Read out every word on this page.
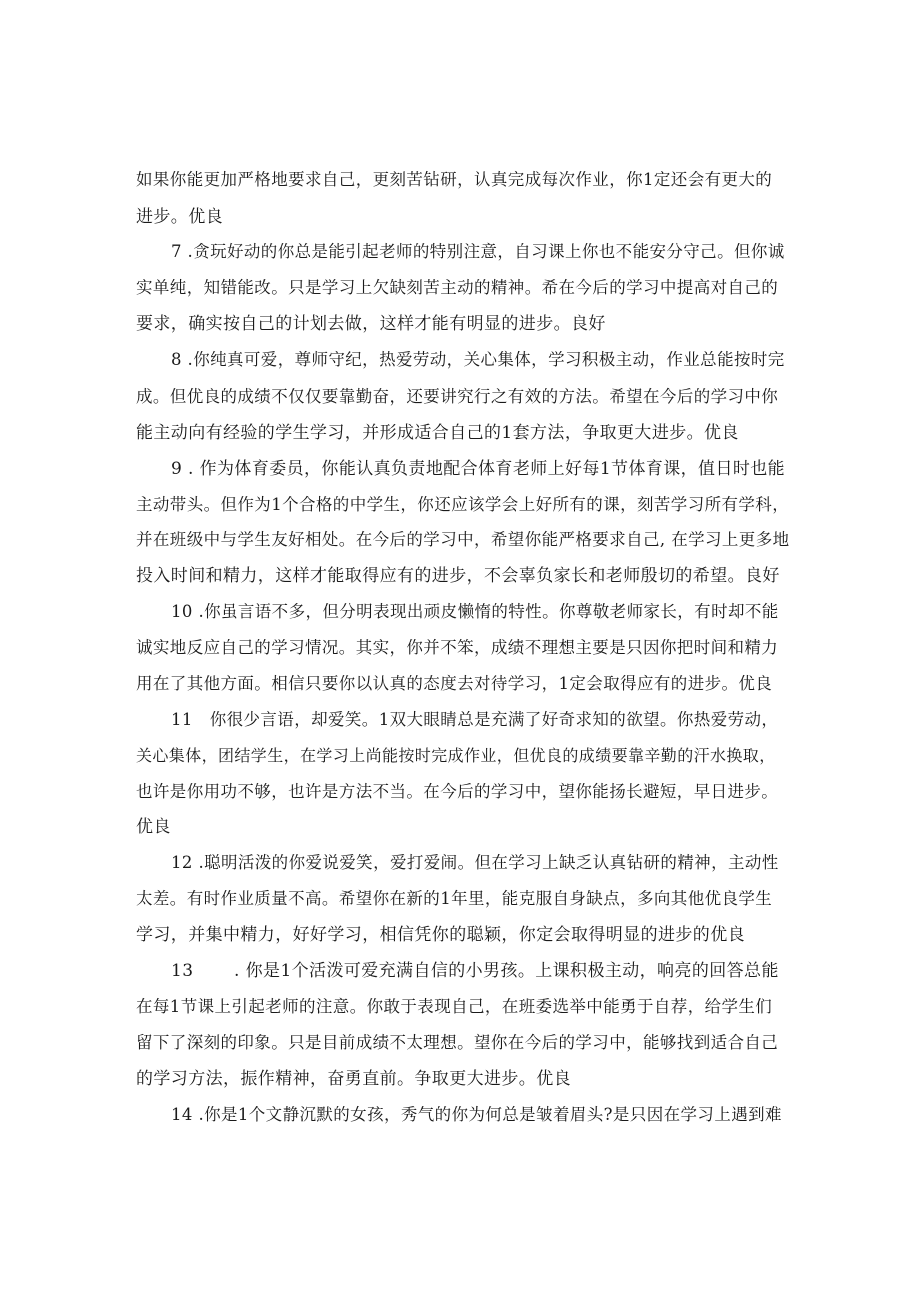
如果你能更加严格地要求自己，更刻苦钻研，认真完成每次作业，你1定还会有更大的

进步。优良

7 .贪玩好动的你总是能引起老师的特别注意，自习课上你也不能安分守己。但你诚

实单纯，知错能改。只是学习上欠缺刻苦主动的精神。希在今后的学习中提高对自己的

要求，确实按自己的计划去做，这样才能有明显的进步。良好

8 .你纯真可爱，尊师守纪，热爱劳动，关心集体，学习积极主动，作业总能按时完

成。但优良的成绩不仅仅要靠勤奋，还要讲究行之有效的方法。希望在今后的学习中你

能主动向有经验的学生学习，并形成适合自己的1套方法，争取更大进步。优良

9 . 作为体育委员，你能认真负责地配合体育老师上好每1节体育课，值日时也能

主动带头。但作为1个合格的中学生，你还应该学会上好所有的课，刻苦学习所有学科，

并在班级中与学生友好相处。在今后的学习中，希望你能严格要求自己, 在学习上更多地

投入时间和精力，这样才能取得应有的进步，不会辜负家长和老师殷切的希望。良好

10 .你虽言语不多，但分明表现出顽皮懒惰的特性。你尊敬老师家长，有时却不能

诚实地反应自己的学习情况。其实，你并不笨，成绩不理想主要是只因你把时间和精力

用在了其他方面。相信只要你以认真的态度去对待学习，1定会取得应有的进步。优良

11　你很少言语，却爱笑。1双大眼睛总是充满了好奇求知的欲望。你热爱劳动，

关心集体，团结学生，在学习上尚能按时完成作业，但优良的成绩要靠辛勤的汗水换取，

也许是你用功不够，也许是方法不当。在今后的学习中，望你能扬长避短，早日进步。

优良

12 .聪明活泼的你爱说爱笑，爱打爱闹。但在学习上缺乏认真钻研的精神，主动性

太差。有时作业质量不高。希望你在新的1年里，能克服自身缺点，多向其他优良学生

学习，并集中精力，好好学习，相信凭你的聪颖，你定会取得明显的进步的优良

13　　 . 你是1个活泼可爱充满自信的小男孩。上课积极主动，响亮的回答总能

在每1节课上引起老师的注意。你敢于表现自己，在班委选举中能勇于自荐，给学生们

留下了深刻的印象。只是目前成绩不太理想。望你在今后的学习中，能够找到适合自己

的学习方法，振作精神，奋勇直前。争取更大进步。优良

14 .你是1个文静沉默的女孩，秀气的你为何总是皱着眉头?是只因在学习上遇到难
